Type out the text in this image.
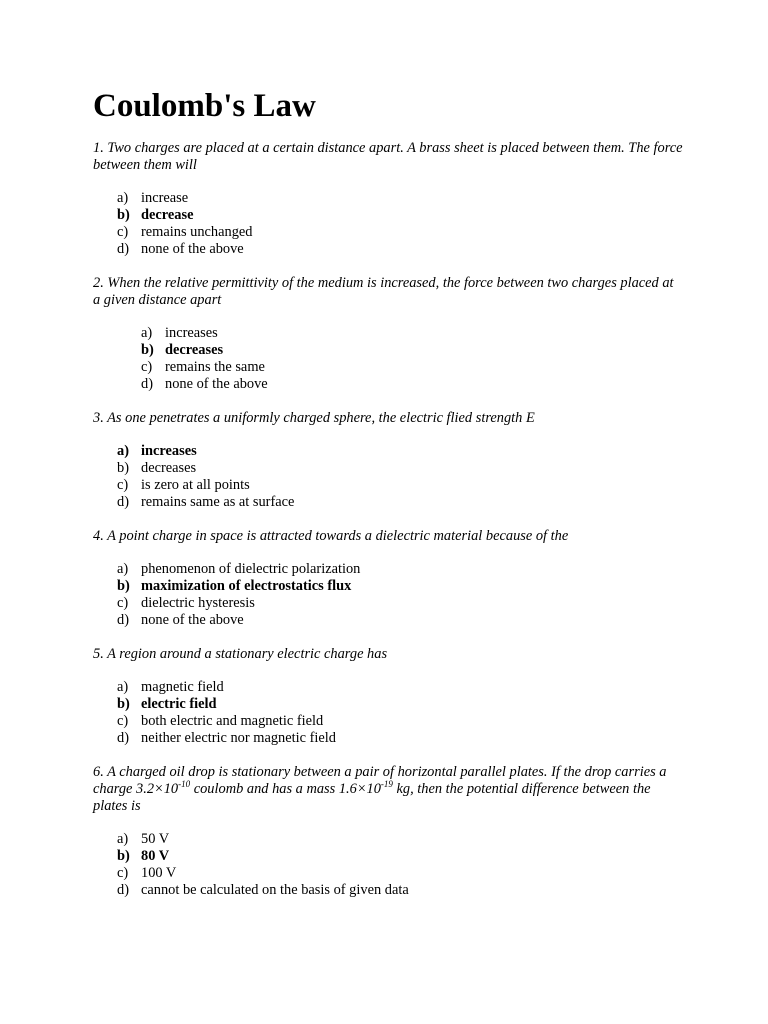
Coulomb's Law

1. Two charges are placed at a certain distance apart. A brass sheet is placed between them. The force between them will

a) increase
b) decrease
c) remains unchanged
d) none of the above

2. When the relative permittivity of the medium is increased, the force between two charges placed at a given distance apart

a) increases
b) decreases
c) remains the same
d) none of the above

3. As one penetrates a uniformly charged sphere, the electric flied strength E

a) increases
b) decreases
c) is zero at all points
d) remains same as at surface

4. A point charge in space is attracted towards a dielectric material because of the

a) phenomenon of dielectric polarization
b) maximization of electrostatics flux
c) dielectric hysteresis
d) none of the above

5. A region around a stationary electric charge has

a) magnetic field
b) electric field
c) both electric and magnetic field
d) neither electric nor magnetic field

6. A charged oil drop is stationary between a pair of horizontal parallel plates. If the drop carries a charge $3.2\times 10^{-10}$ coulomb and has a mass $1.6\times 10^{-19}$ kg, then the potential difference between the plates is

a) 50 V
b) 80 V
c) 100 V
d) cannot be calculated on the basis of given data
